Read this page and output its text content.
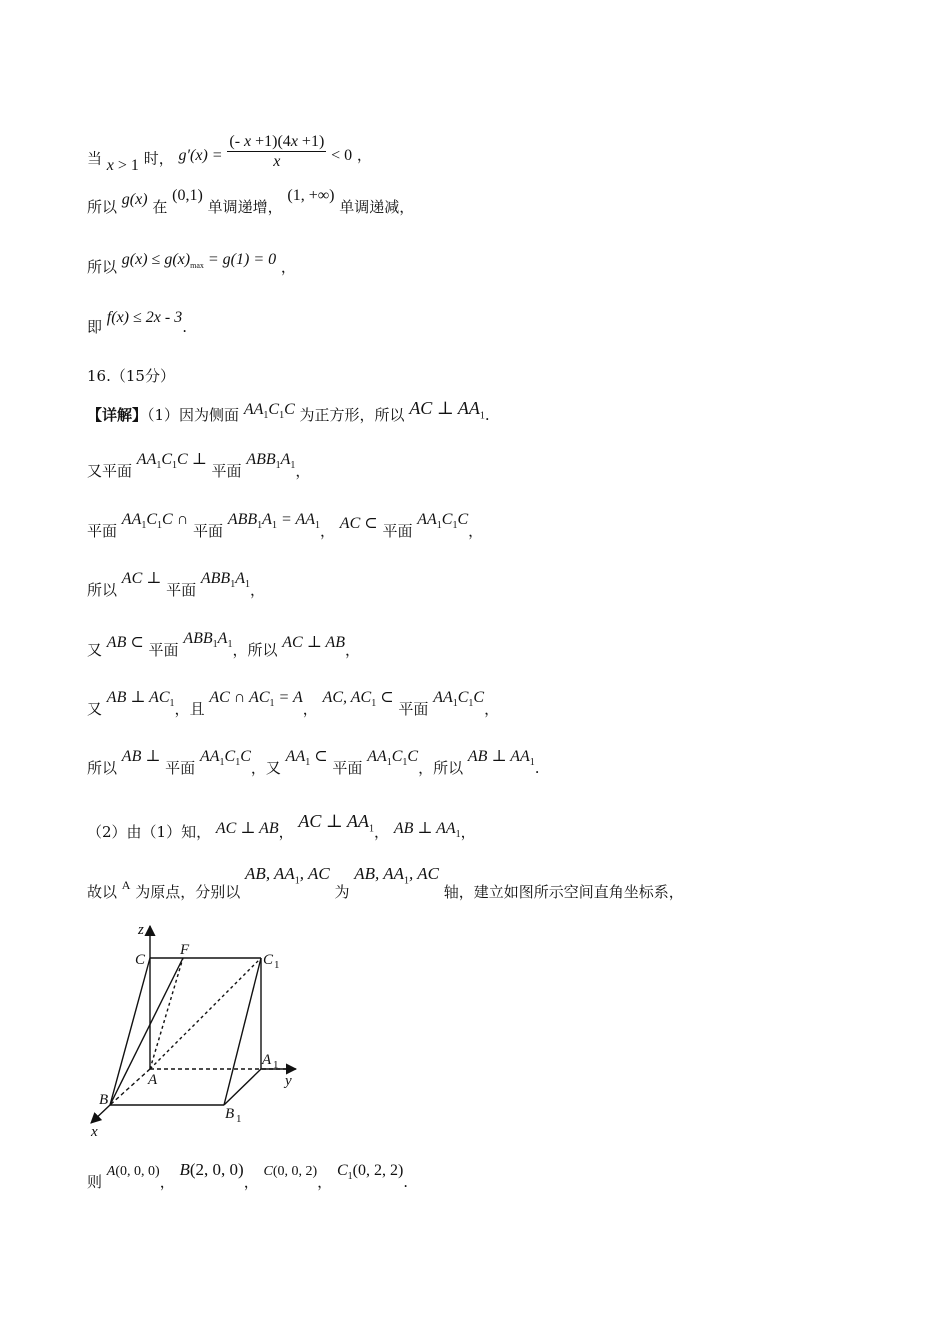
当 x > 1 时， $g'(x) = \frac{(- x +1)(4x +1)}{x} < 0$ ，
所以 g(x) 在 (0,1) 单调递增， (1, +∞) 单调递减，
所以 $g(x) \le g(x)_{max} = g(1) = 0$ ，
即 f(x) ≤ 2x - 3.
16.（15分）
【详解】（1）因为侧面 $AA_1C_1C$ 为正方形，所以 AC ⊥ $AA_1$.
又平面 $AA_1C_1C$ ⊥ 平面 $ABB_1A_1$，
平面 $AA_1C_1C$ ∩ 平面 $ABB_1A_1 = AA_1$， AC ⊂ 平面 $AA_1C_1C$，
所以 AC ⊥ 平面 $ABB_1A_1$，
又 AB ⊂ 平面 $ABB_1A_1$，所以 AC ⊥ AB，
又 AB ⊥ $AC_1$，且 AC ∩ $AC_1 = A$， AC, $AC_1$ ⊂ 平面 $AA_1C_1C$，
所以 AB ⊥ 平面 $AA_1C_1C$，又 $AA_1$ ⊂ 平面 $AA_1C_1C$，所以 AB ⊥ $AA_1$.
（2）由（1）知， AC ⊥ AB， AC ⊥ $AA_1$， AB ⊥ $AA_1$，
故以 $^A$ 为原点，分别以 AB, $AA_1$, AC 为 AB, $AA_1$, AC 轴，建立如图所示空间直角坐标系，
z
C
F
C 1
A 1
y
A
B
B 1
x
则 A(0, 0, 0)， B(2, 0, 0)， C(0, 0, 2)， $C_1(0$, 2, 2).
